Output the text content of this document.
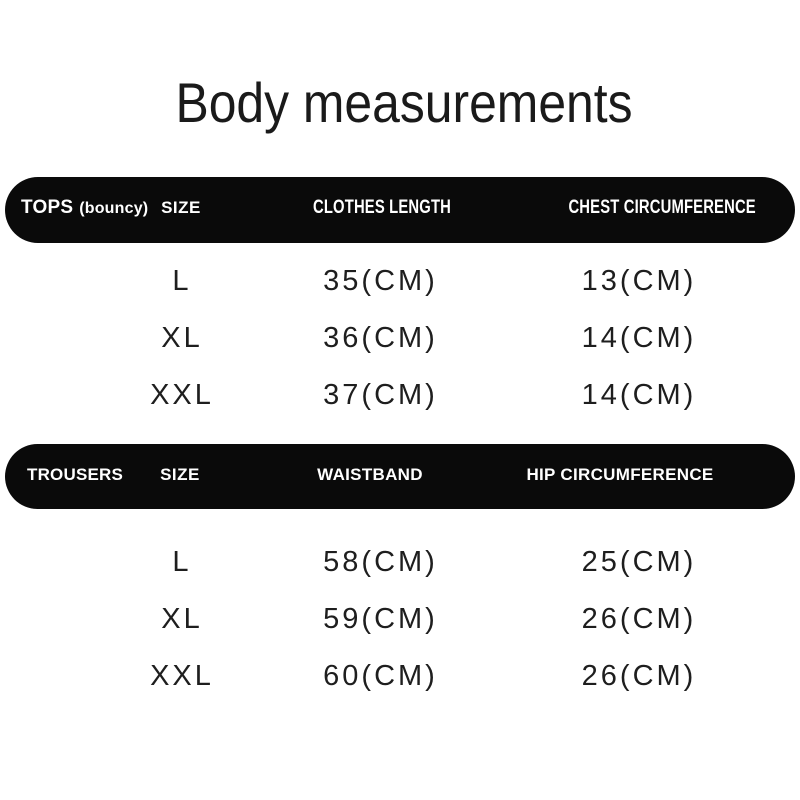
Body measurements
TOPS (bouncy) SIZE	CLOTHES LENGTH	CHEST CIRCUMFERENCE
L	35(CM)	13(CM)
XL	36(CM)	14(CM)
XXL	37(CM)	14(CM)
TROUSERS	SIZE	WAISTBAND	HIP CIRCUMFERENCE
L	58(CM)	25(CM)
XL	59(CM)	26(CM)
XXL	60(CM)	26(CM)
